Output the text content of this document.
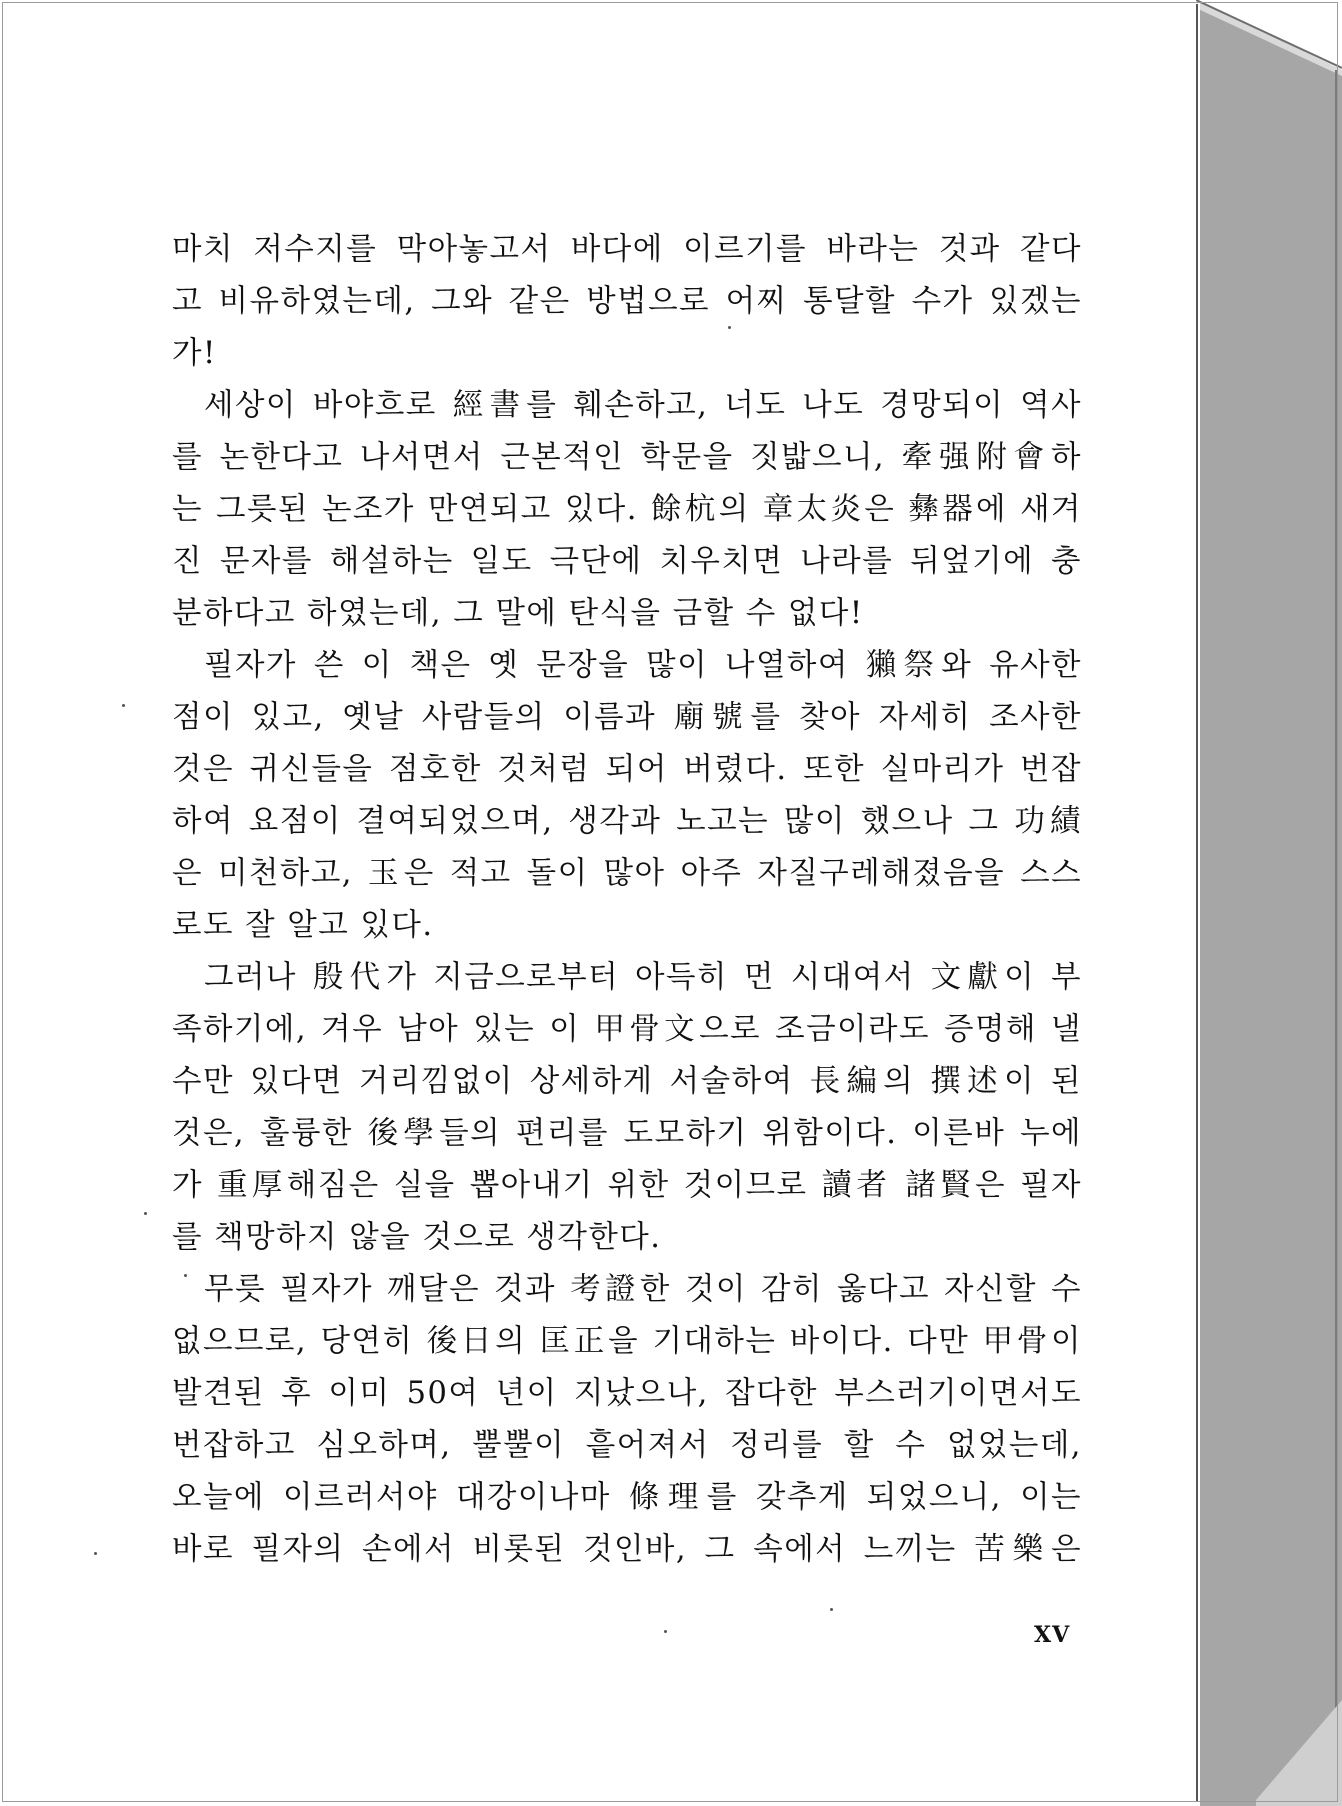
마치 저수지를 막아놓고서 바다에 이르기를 바라는 것과 같다
고 비유하였는데, 그와 같은 방법으로 어찌 통달할 수가 있겠는
가!
세상이 바야흐로 經書를 훼손하고, 너도 나도 경망되이 역사
를 논한다고 나서면서 근본적인 학문을 짓밟으니, 牽强附會하
는 그릇된 논조가 만연되고 있다. 餘杭의 章太炎은 彝器에 새겨
진 문자를 해설하는 일도 극단에 치우치면 나라를 뒤엎기에 충
분하다고 하였는데, 그 말에 탄식을 금할 수 없다!
필자가 쓴 이 책은 옛 문장을 많이 나열하여 獺祭와 유사한
점이 있고, 옛날 사람들의 이름과 廟號를 찾아 자세히 조사한
것은 귀신들을 점호한 것처럼 되어 버렸다. 또한 실마리가 번잡
하여 요점이 결여되었으며, 생각과 노고는 많이 했으나 그 功績
은 미천하고, 玉은 적고 돌이 많아 아주 자질구레해졌음을 스스
로도 잘 알고 있다.
그러나 殷代가 지금으로부터 아득히 먼 시대여서 文獻이 부
족하기에, 겨우 남아 있는 이 甲骨文으로 조금이라도 증명해 낼
수만 있다면 거리낌없이 상세하게 서술하여 長編의 撰述이 된
것은, 훌륭한 後學들의 편리를 도모하기 위함이다. 이른바 누에
가 重厚해짐은 실을 뽑아내기 위한 것이므로 讀者 諸賢은 필자
를 책망하지 않을 것으로 생각한다.
무릇 필자가 깨달은 것과 考證한 것이 감히 옳다고 자신할 수
없으므로, 당연히 後日의 匡正을 기대하는 바이다. 다만 甲骨이
발견된 후 이미 50여 년이 지났으나, 잡다한 부스러기이면서도
번잡하고 심오하며, 뿔뿔이 흩어져서 정리를 할 수 없었는데,
오늘에 이르러서야 대강이나마 條理를 갖추게 되었으니, 이는
바로 필자의 손에서 비롯된 것인바, 그 속에서 느끼는 苦樂은
XV
